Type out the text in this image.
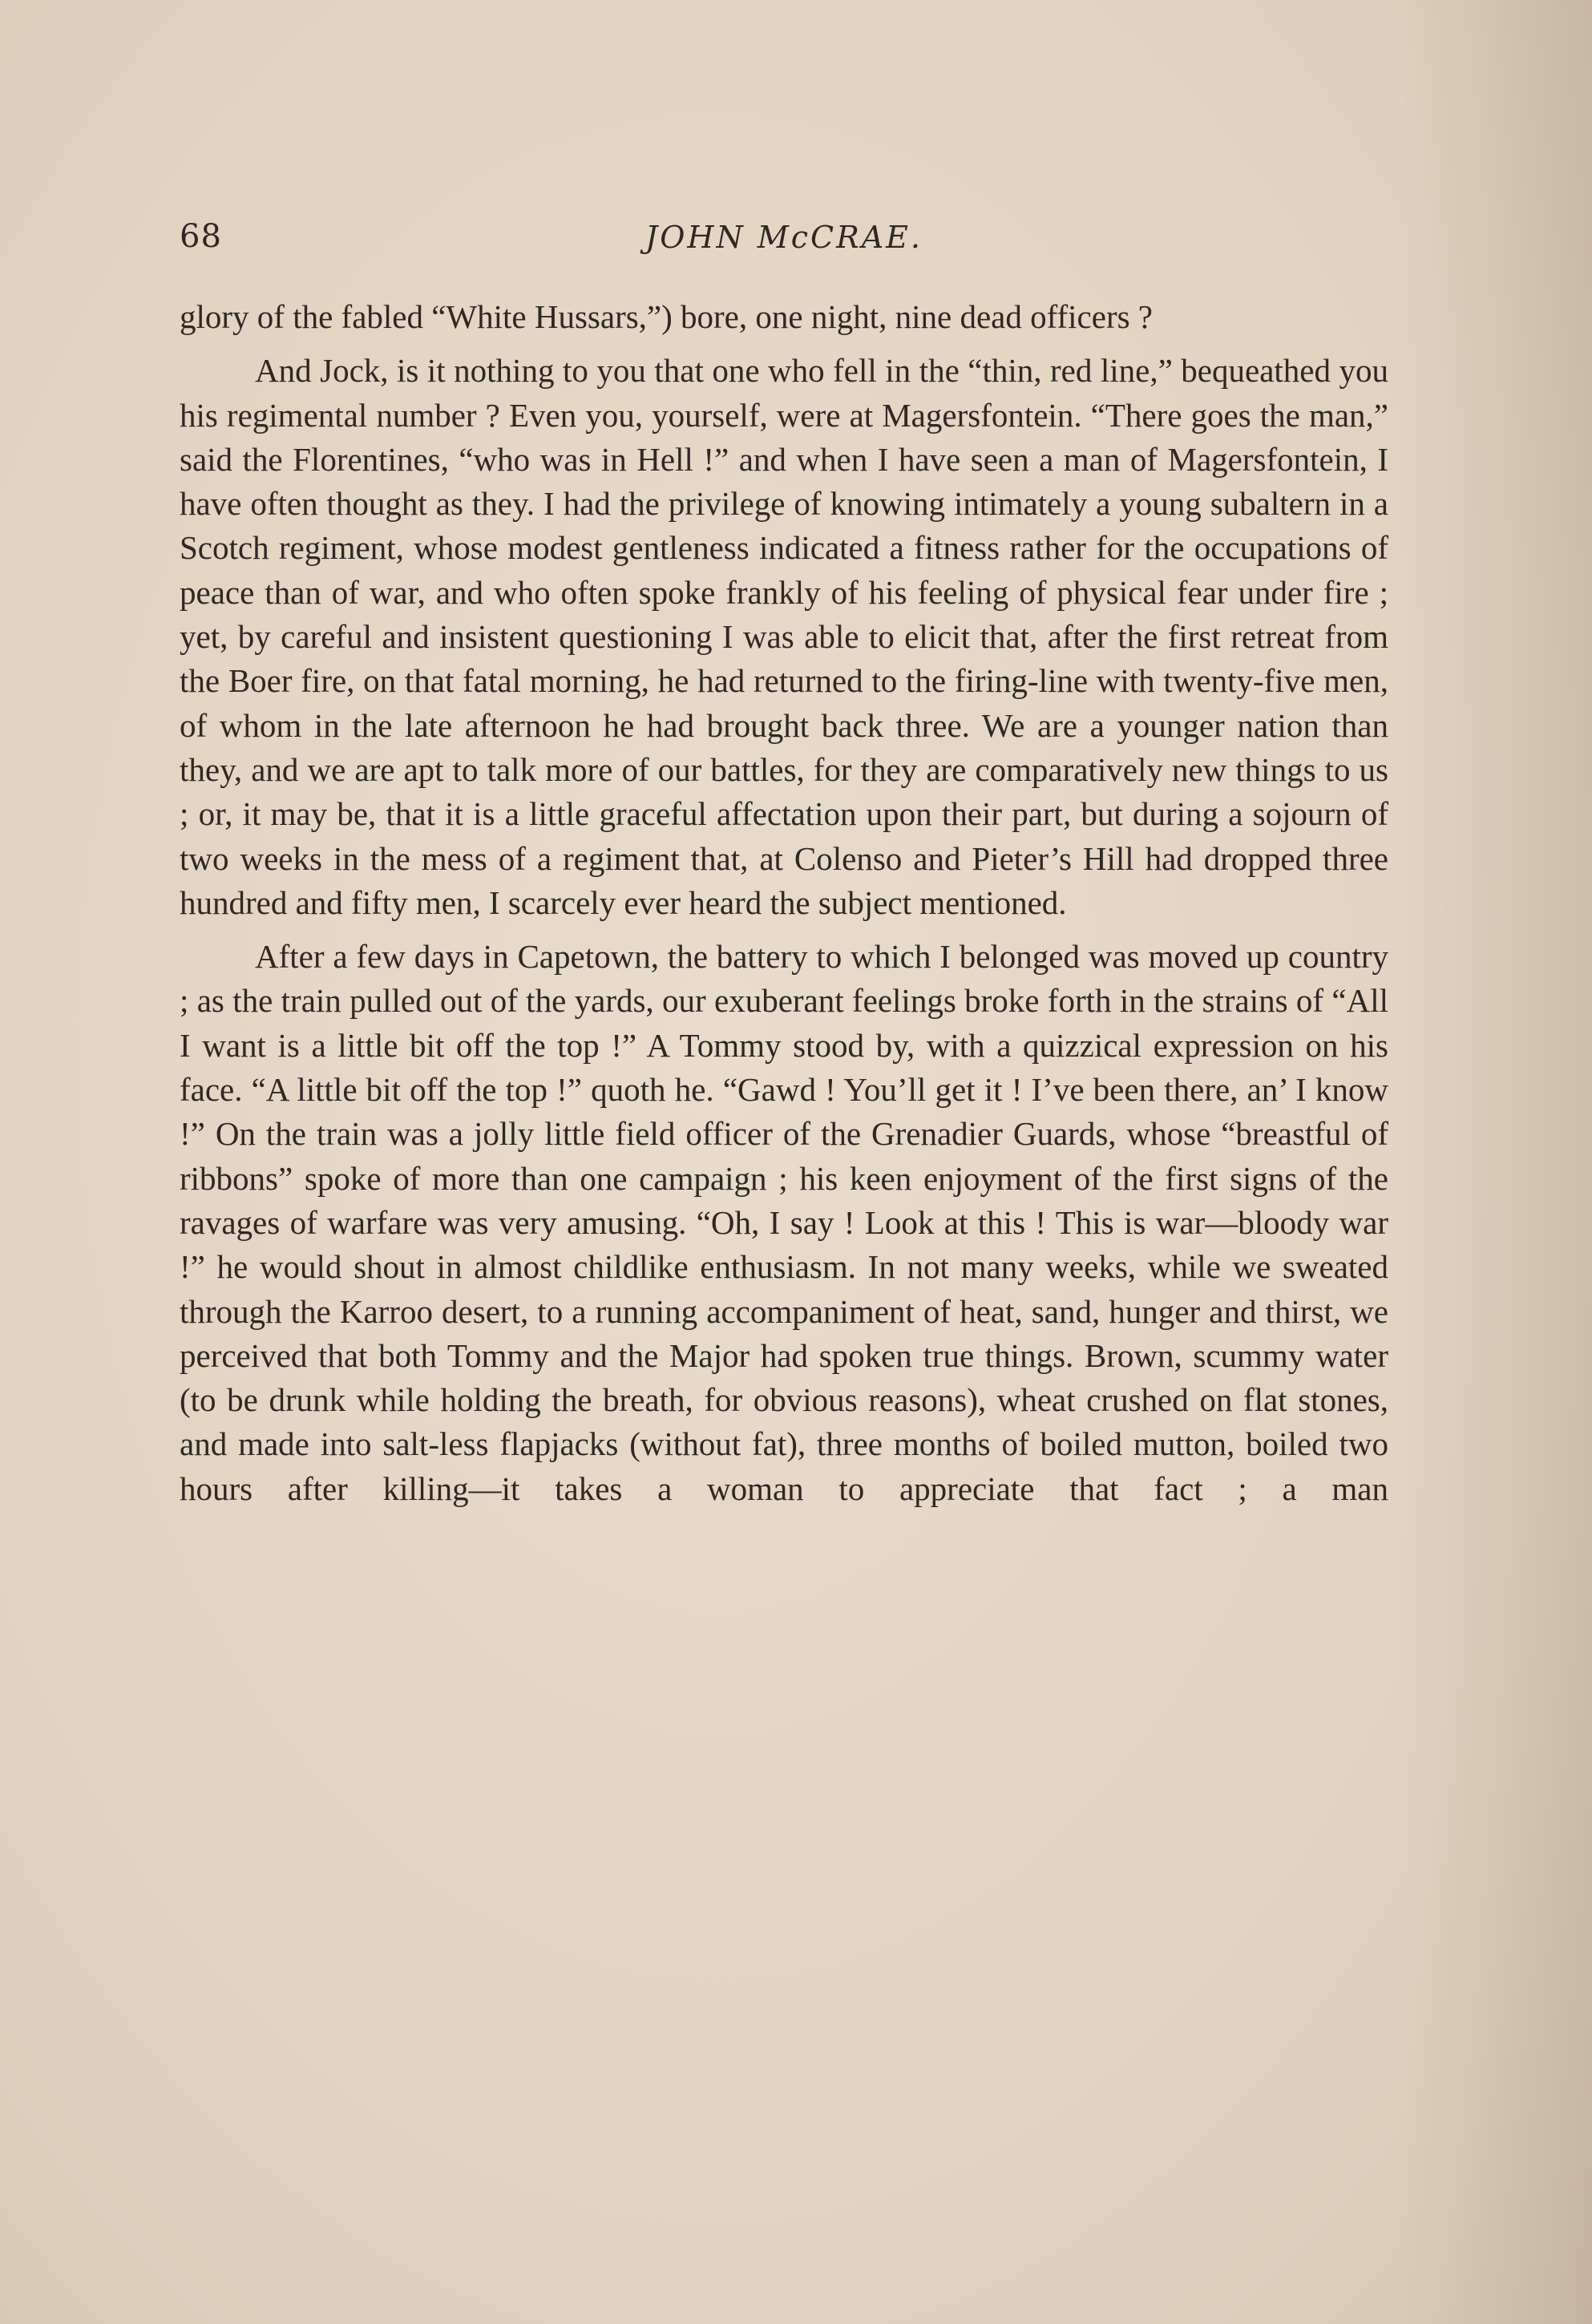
68	JOHN McCRAE.

glory of the fabled “White Hussars,”) bore, one night, nine dead officers ?

And Jock, is it nothing to you that one who fell in the “thin, red line,” bequeathed you his regimental number ? Even you, yourself, were at Magersfontein. “There goes the man,” said the Florentines, “who was in Hell !” and when I have seen a man of Magersfontein, I have often thought as they. I had the privilege of knowing intimately a young subaltern in a Scotch regiment, whose modest gentleness indicated a fitness rather for the occupations of peace than of war, and who often spoke frankly of his feeling of physical fear under fire ; yet, by careful and insistent questioning I was able to elicit that, after the first retreat from the Boer fire, on that fatal morning, he had returned to the firing-line with twenty-five men, of whom in the late afternoon he had brought back three. We are a younger nation than they, and we are apt to talk more of our battles, for they are comparatively new things to us ; or, it may be, that it is a little graceful affectation upon their part, but during a sojourn of two weeks in the mess of a regiment that, at Colenso and Pieter’s Hill had dropped three hundred and fifty men, I scarcely ever heard the subject mentioned.

After a few days in Capetown, the battery to which I belonged was moved up country ; as the train pulled out of the yards, our exuberant feelings broke forth in the strains of “All I want is a little bit off the top !” A Tommy stood by, with a quizzical expression on his face. “A little bit off the top !” quoth he. “Gawd ! You’ll get it ! I’ve been there, an’ I know !” On the train was a jolly little field officer of the Grenadier Guards, whose “breastful of ribbons” spoke of more than one campaign ; his keen enjoyment of the first signs of the ravages of warfare was very amusing. “Oh, I say ! Look at this ! This is war—bloody war !” he would shout in almost childlike enthusiasm. In not many weeks, while we sweated through the Karroo desert, to a running accompaniment of heat, sand, hunger and thirst, we perceived that both Tommy and the Major had spoken true things. Brown, scummy water (to be drunk while holding the breath, for obvious reasons), wheat crushed on flat stones, and made into salt-less flapjacks (without fat), three months of boiled mutton, boiled two hours after killing—it takes a woman to appreciate that fact ; a man
